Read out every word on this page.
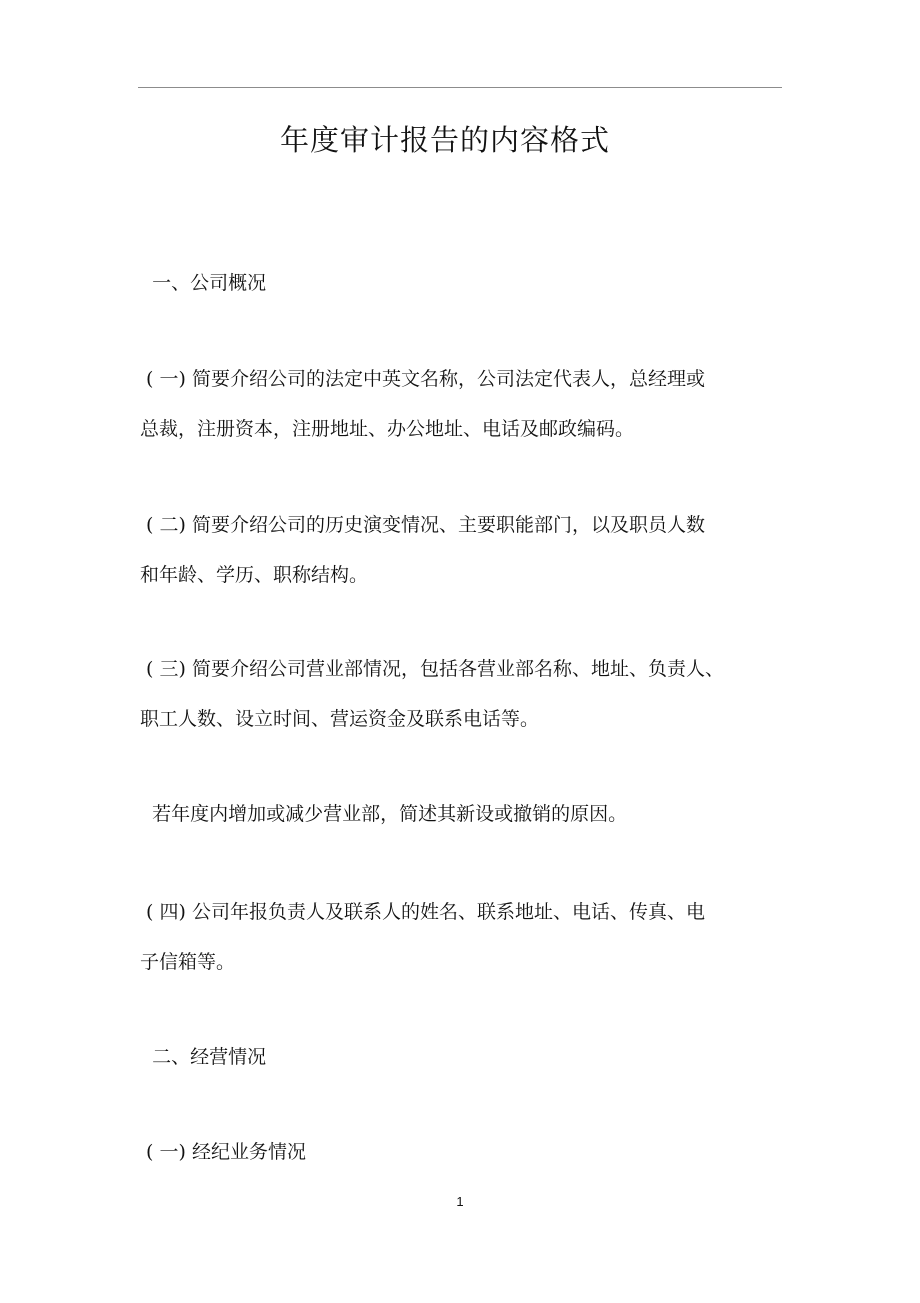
年度审计报告的内容格式
一、公司概况
( 一) 简要介绍公司的法定中英文名称，公司法定代表人，总经理或
总裁，注册资本，注册地址、办公地址、电话及邮政编码。
( 二) 简要介绍公司的历史演变情况、主要职能部门，以及职员人数
和年龄、学历、职称结构。
( 三) 简要介绍公司营业部情况，包括各营业部名称、地址、负责人、
职工人数、设立时间、营运资金及联系电话等。
若年度内增加或减少营业部，简述其新设或撤销的原因。
( 四) 公司年报负责人及联系人的姓名、联系地址、电话、传真、电
子信箱等。
二、经营情况
( 一) 经纪业务情况
1
